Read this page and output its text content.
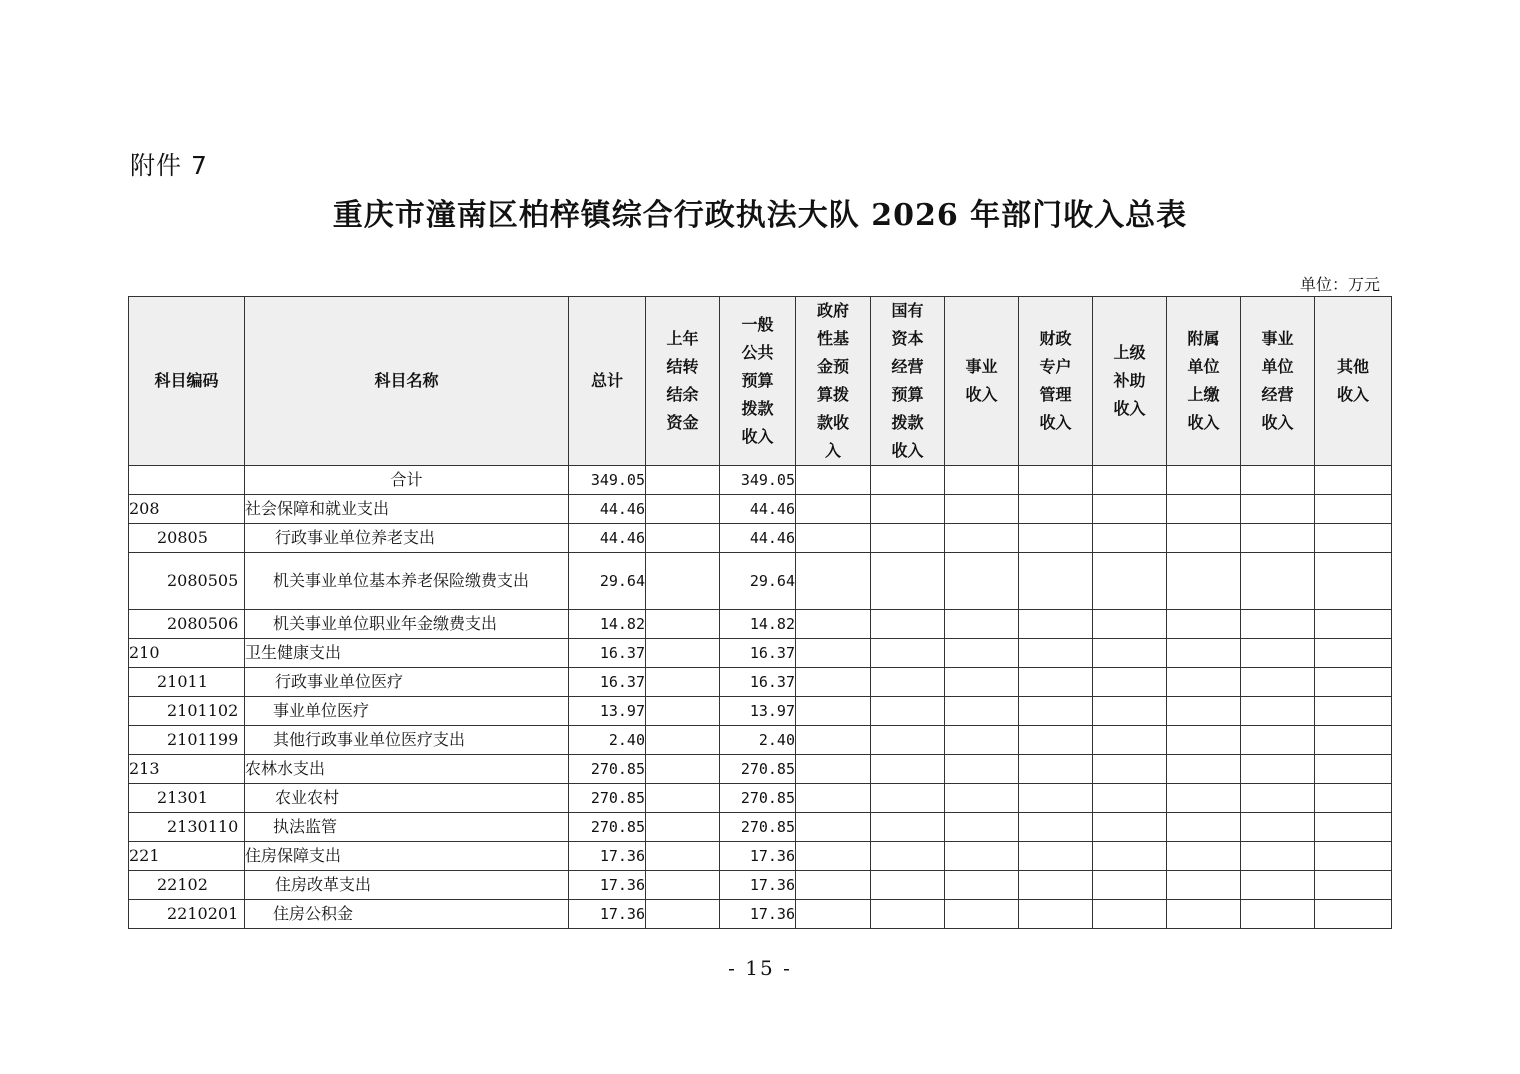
附件 7
重庆市潼南区柏梓镇综合行政执法大队 2026 年部门收入总表
单位：万元
科目编码	科目名称	总计	上年结转结余资金	一般公共预算拨款收入	政府性基金预算拨款收入	国有资本经营预算拨款收入	事业收入	财政专户管理收入	上级补助收入	附属单位上缴收入	事业单位经营收入	其他收入
	合计	349.05		349.05								
208	社会保障和就业支出	44.46		44.46								
20805	行政事业单位养老支出	44.46		44.46								
2080505	机关事业单位基本养老保险缴费支出	29.64		29.64								
2080506	机关事业单位职业年金缴费支出	14.82		14.82								
210	卫生健康支出	16.37		16.37								
21011	行政事业单位医疗	16.37		16.37								
2101102	事业单位医疗	13.97		13.97								
2101199	其他行政事业单位医疗支出	2.40		2.40								
213	农林水支出	270.85		270.85								
21301	农业农村	270.85		270.85								
2130110	执法监管	270.85		270.85								
221	住房保障支出	17.36		17.36								
22102	住房改革支出	17.36		17.36								
2210201	住房公积金	17.36		17.36								
- 15 -
